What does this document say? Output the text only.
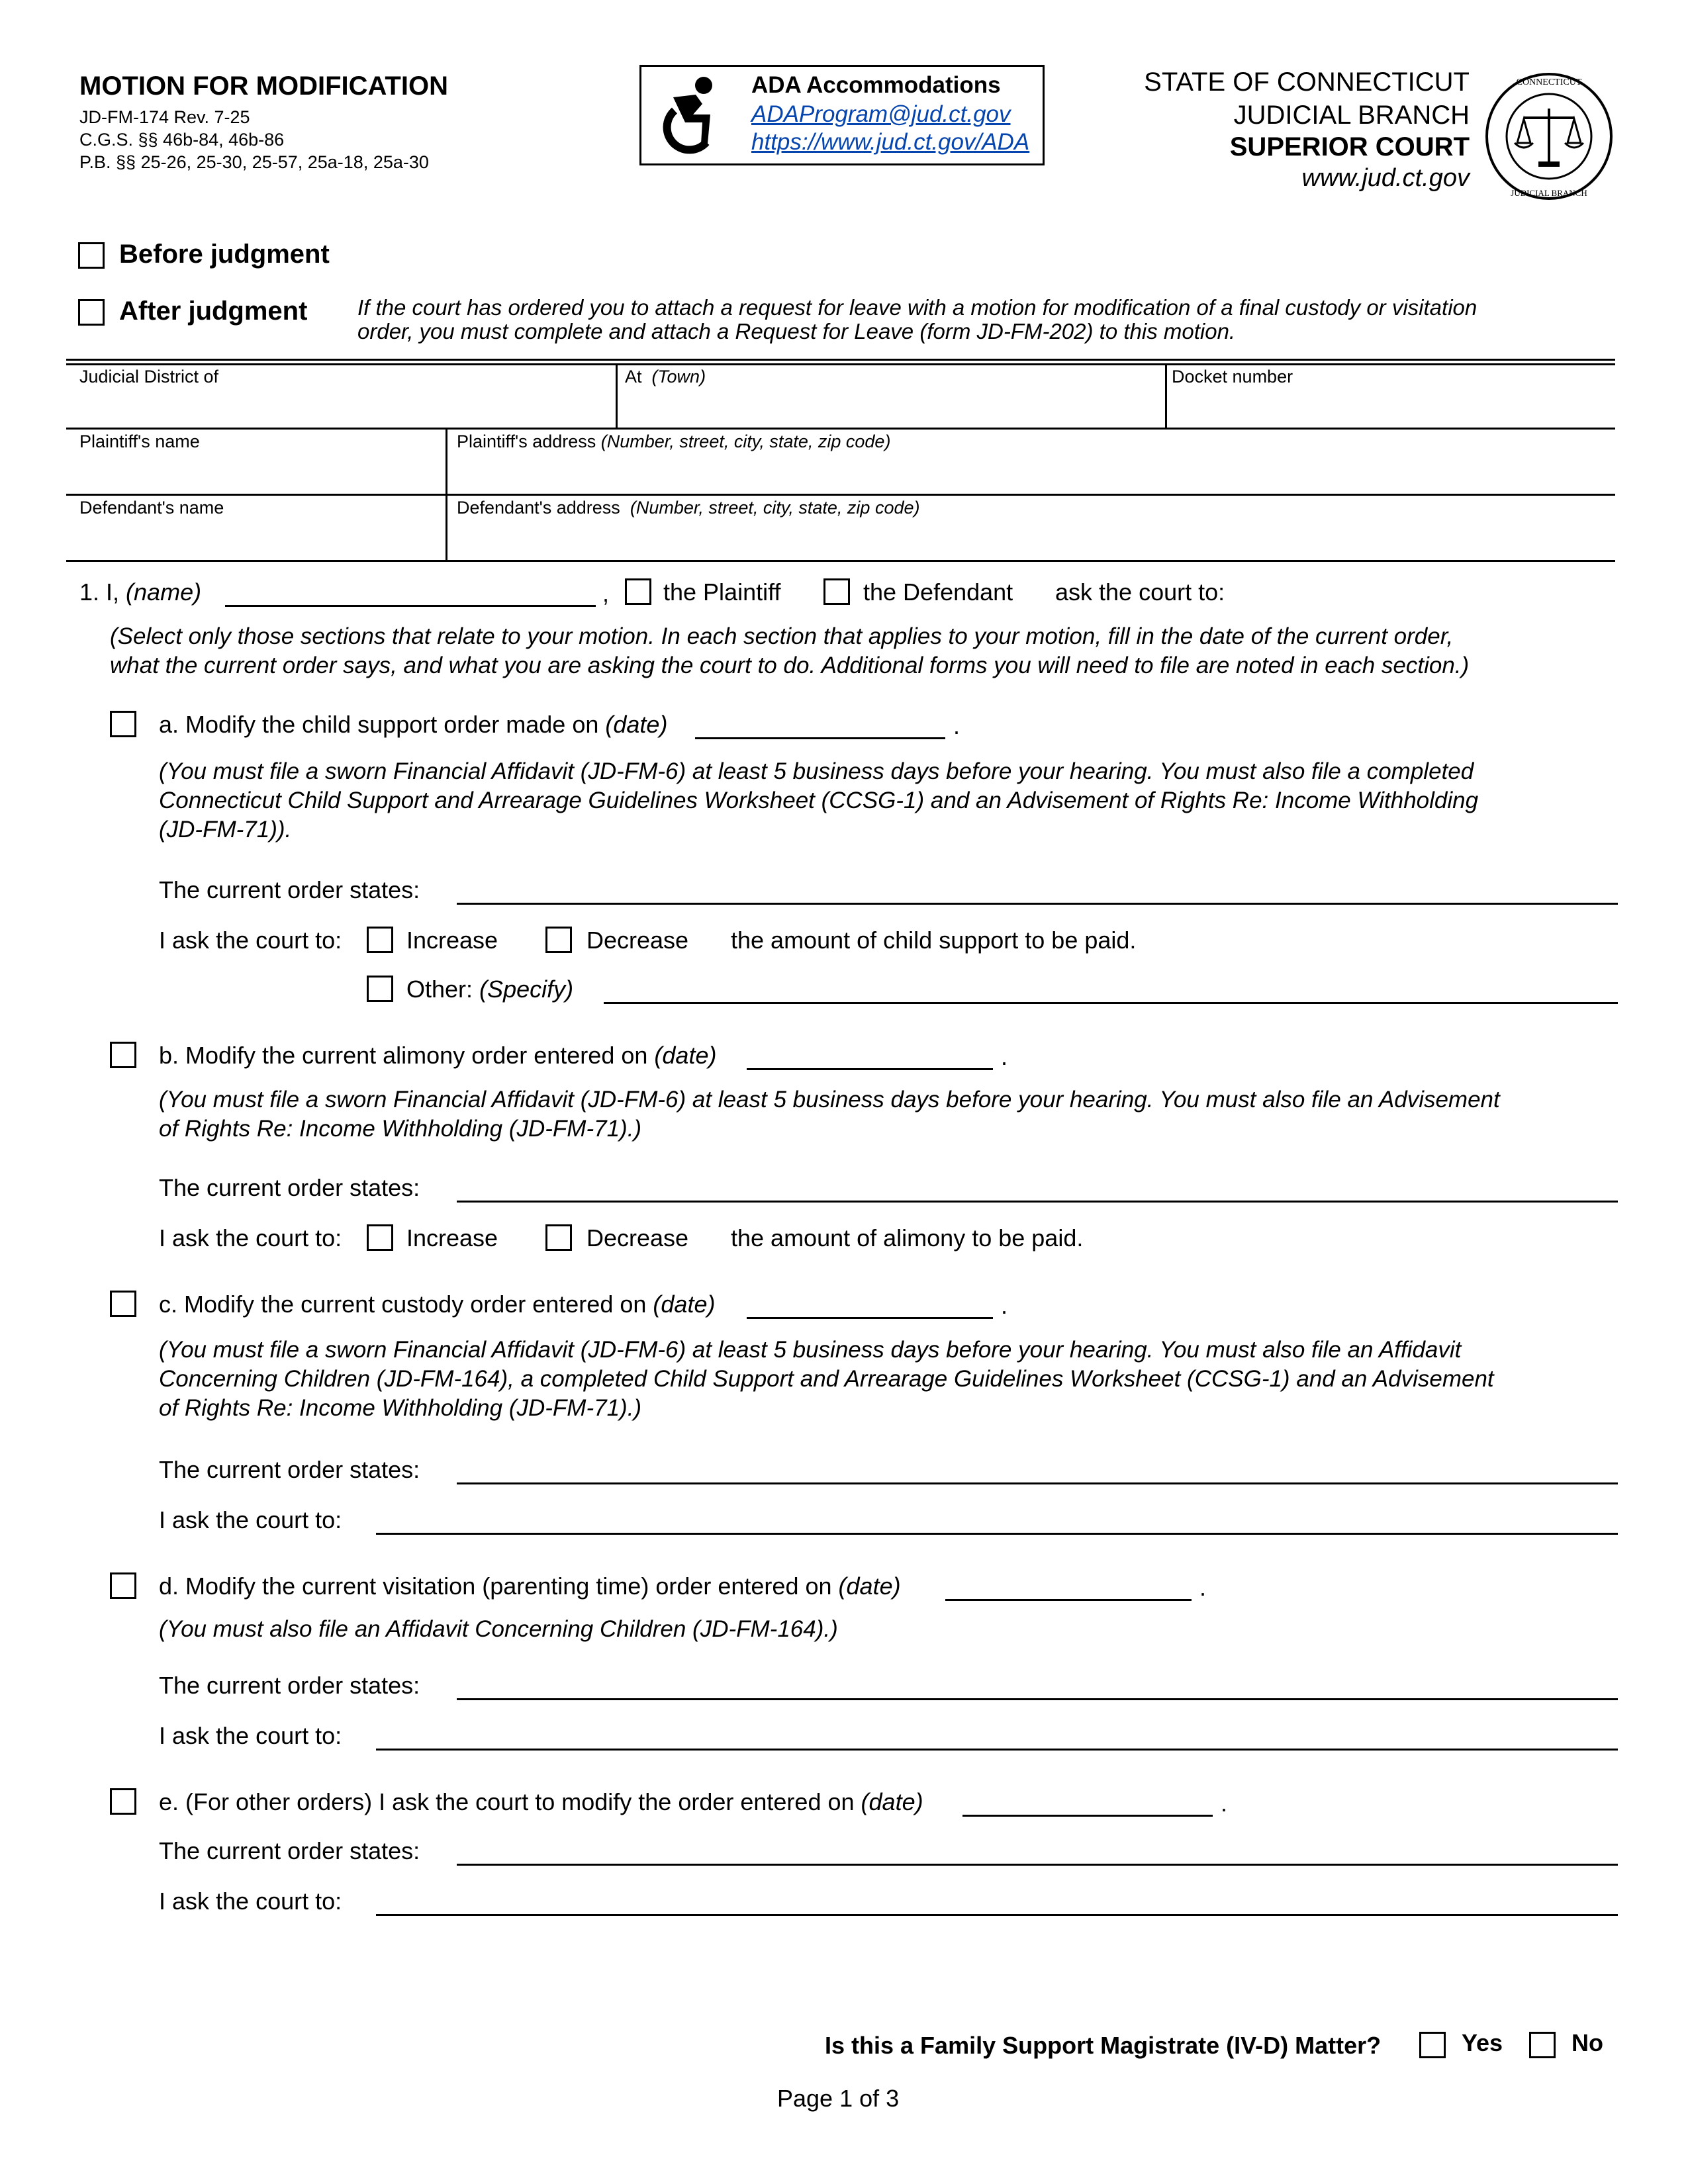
MOTION FOR MODIFICATION
JD-FM-174 Rev. 7-25
C.G.S. §§ 46b-84, 46b-86
P.B. §§ 25-26, 25-30, 25-57, 25a-18, 25a-30
ADA Accommodations
ADAProgram@jud.ct.gov
https://www.jud.ct.gov/ADA
STATE OF CONNECTICUT
JUDICIAL BRANCH
SUPERIOR COURT
www.jud.ct.gov
CONNECTICUT
JUDICIAL BRANCH
Before judgment
After judgment If the court has ordered you to attach a request for leave with a motion for modification of a final custody or visitation
order, you must complete and attach a Request for Leave (form JD-FM-202) to this motion.
Judicial District of	At (Town)	Docket number
Plaintiff's name	Plaintiff's address (Number, street, city, state, zip code)
Defendant's name	Defendant's address (Number, street, city, state, zip code)
1. I, (name)	, the Plaintiff	the Defendant ask the court to:
(Select only those sections that relate to your motion. In each section that applies to your motion, fill in the date of the current order,
what the current order says, and what you are asking the court to do. Additional forms you will need to file are noted in each section.)
a. Modify the child support order made on (date)	.
(You must file a sworn Financial Affidavit (JD-FM-6) at least 5 business days before your hearing. You must also file a completed
Connecticut Child Support and Arrearage Guidelines Worksheet (CCSG-1) and an Advisement of Rights Re: Income Withholding
(JD-FM-71)).
The current order states:
I ask the court to:	Increase	Decrease the amount of child support to be paid.
Other: (Specify)
b. Modify the current alimony order entered on (date)	.
(You must file a sworn Financial Affidavit (JD-FM-6) at least 5 business days before your hearing. You must also file an Advisement
of Rights Re: Income Withholding (JD-FM-71).)
The current order states:
I ask the court to:	Increase	Decrease the amount of alimony to be paid.
c. Modify the current custody order entered on (date)	.
(You must file a sworn Financial Affidavit (JD-FM-6) at least 5 business days before your hearing. You must also file an Affidavit
Concerning Children (JD-FM-164), a completed Child Support and Arrearage Guidelines Worksheet (CCSG-1) and an Advisement
of Rights Re: Income Withholding (JD-FM-71).)
The current order states:
I ask the court to:
d. Modify the current visitation (parenting time) order entered on (date)	.
(You must also file an Affidavit Concerning Children (JD-FM-164).)
The current order states:
I ask the court to:
e. (For other orders) I ask the court to modify the order entered on (date)	.
The current order states:
I ask the court to:
Is this a Family Support Magistrate (IV-D) Matter?	Yes	No
Page 1 of 3
